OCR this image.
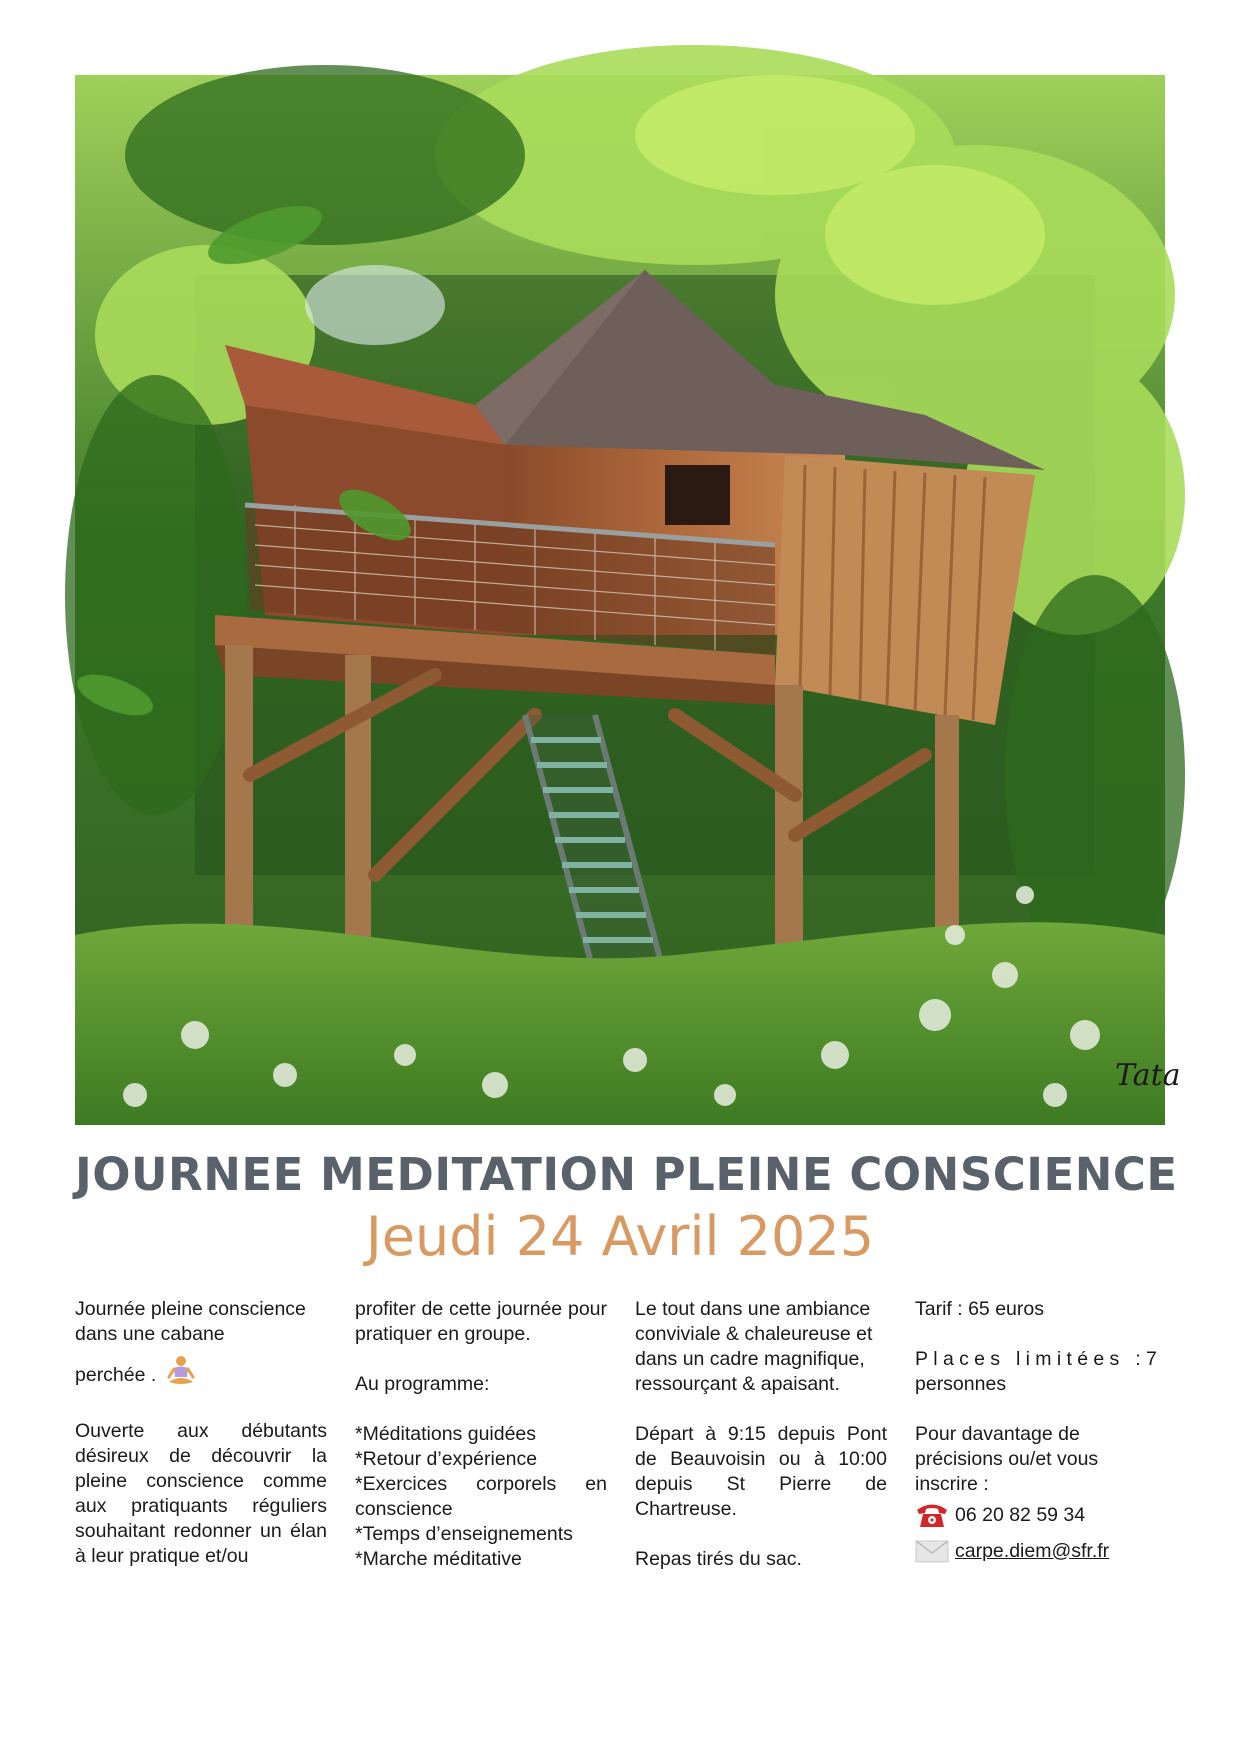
Tata
JOURNEE MEDITATION PLEINE CONSCIENCE
Jeudi 24 Avril 2025

Journée pleine conscience

dans une cabane

perchée .

Ouverte aux débutants désireux de découvrir la pleine conscience comme aux pratiquants réguliers souhaitant redonner un élan à leur pratique et/ou

profiter de cette journée pour pratiquer en groupe.

Au programme:

*Méditations guidées

*Retour d’expérience

*Exercices corporels en conscience

*Temps d’enseignements

*Marche méditative

Le tout dans une ambiance conviviale & chaleureuse et dans un cadre magnifique, ressourçant & apaisant.

Départ à 9:15 depuis Pont de Beauvoisin ou à 10:00 depuis St Pierre de Chartreuse.

Repas tirés du sac.

Tarif : 65 euros

Places limitées :7

personnes

Pour davantage de précisions ou/et vous inscrire :

06 20 82 59 34
carpe.diem@sfr.fr
